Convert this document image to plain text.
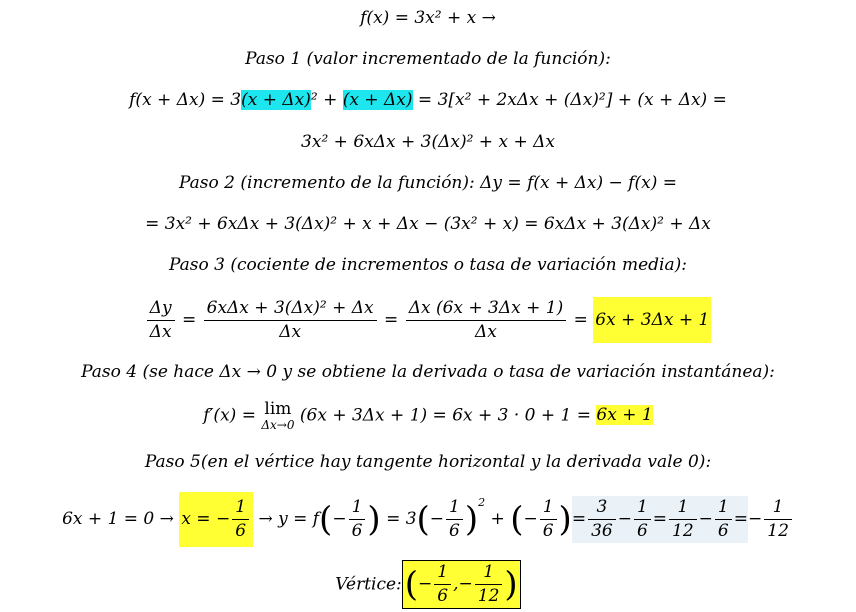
f(x) = 3x² + x →
Paso 1 (valor incrementado de la función):
f(x + Δx) = 3(x + Δx)² + (x + Δx) = 3[x² + 2xΔx + (Δx)²] + (x + Δx) =
3x² + 6xΔx + 3(Δx)² + x + Δx
Paso 2 (incremento de la función): Δy = f(x + Δx) − f(x) =
= 3x² + 6xΔx + 3(Δx)² + x + Δx − (3x² + x) = 6xΔx + 3(Δx)² + Δx
Paso 3 (cociente de incrementos o tasa de variación media):
$\frac{\Delta y}{\Delta x} = \frac{\text{6xΔx + 3(Δx)² + Δx}}{\Delta x} = \frac{\Delta x (6x + 3\Delta x + 1)}{\Delta x} = 6x + 3\Delta x + 1$
Paso 4 (se hace Δx → 0 y se obtiene la derivada o tasa de variación instantánea):
f′(x) = lim
Δx→0 (6x + 3Δx + 1) = 6x + 3 · 0 + 1 = 6x + 1
Paso 5(en el vértice hay tangente horizontal y la derivada vale 0):
6x + 1 = 0 → x = − $\frac{1}{6} \to y = f(- \frac{1}{6}$ ) = $3(- \frac{1}{6} )^2$ + (− $\frac{1}{6}$ )= $\frac{3}{36} - \frac{1}{6} = \frac{1}{12} - \frac{1}{6} =- \frac{1}{12}$
Vértice:(− $\frac{1}{6}$ ,− $\frac{1}{12}$ )
